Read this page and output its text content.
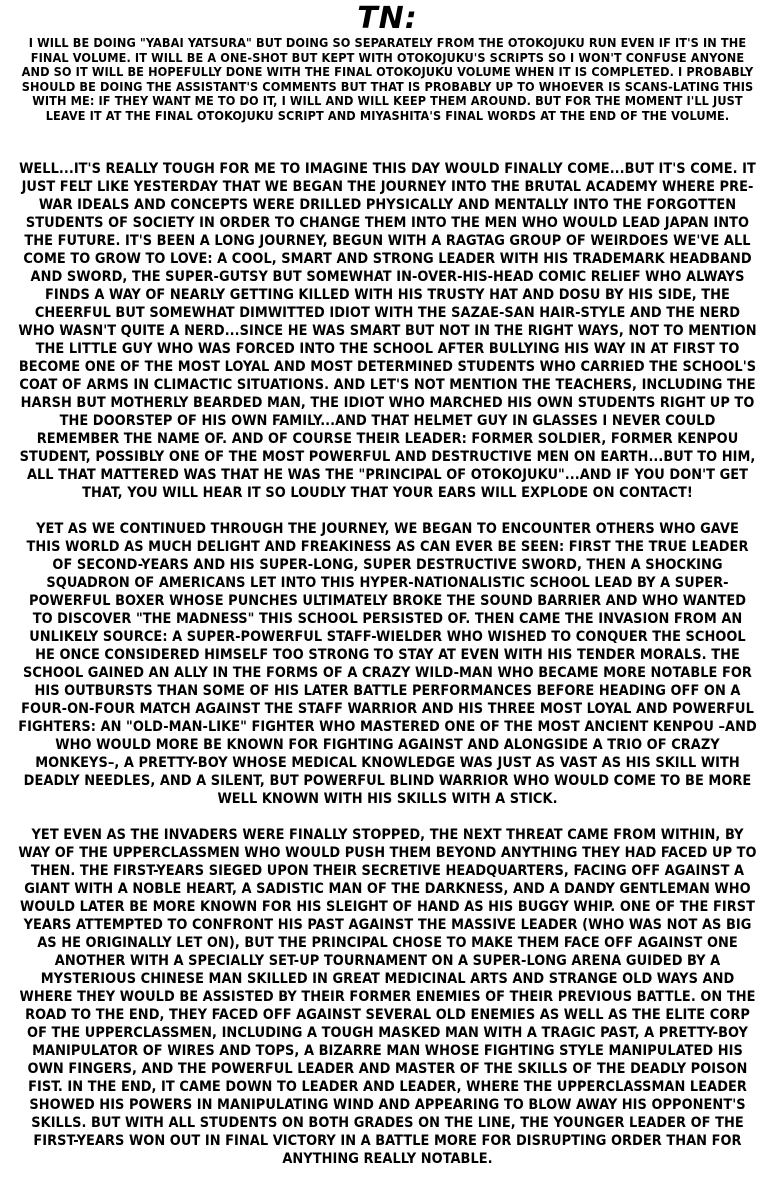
TN:

I WILL BE DOING "YABAI YATSURA" BUT DOING SO SEPARATELY FROM THE OTOKOJUKU RUN EVEN IF IT'S IN THE FINAL VOLUME. IT WILL BE A ONE-SHOT BUT KEPT WITH OTOKOJUKU'S SCRIPTS SO I WON'T CONFUSE ANYONE AND SO IT WILL BE HOPEFULLY DONE WITH THE FINAL OTOKOJUKU VOLUME WHEN IT IS COMPLETED. I PROBABLY SHOULD BE DOING THE ASSISTANT'S COMMENTS BUT THAT IS PROBABLY UP TO WHOEVER IS SCANS-LATING THIS WITH ME: IF THEY WANT ME TO DO IT, I WILL AND WILL KEEP THEM AROUND. BUT FOR THE MOMENT I'LL JUST LEAVE IT AT THE FINAL OTOKOJUKU SCRIPT AND MIYASHITA'S FINAL WORDS AT THE END OF THE VOLUME.

WELL...IT'S REALLY TOUGH FOR ME TO IMAGINE THIS DAY WOULD FINALLY COME...BUT IT'S COME. IT JUST FELT LIKE YESTERDAY THAT WE BEGAN THE JOURNEY INTO THE BRUTAL ACADEMY WHERE PRE-WAR IDEALS AND CONCEPTS WERE DRILLED PHYSICALLY AND MENTALLY INTO THE FORGOTTEN STUDENTS OF SOCIETY IN ORDER TO CHANGE THEM INTO THE MEN WHO WOULD LEAD JAPAN INTO THE FUTURE. IT'S BEEN A LONG JOURNEY, BEGUN WITH A RAGTAG GROUP OF WEIRDOES WE'VE ALL COME TO GROW TO LOVE: A COOL, SMART AND STRONG LEADER WITH HIS TRADEMARK HEADBAND AND SWORD, THE SUPER-GUTSY BUT SOMEWHAT IN-OVER-HIS-HEAD COMIC RELIEF WHO ALWAYS FINDS A WAY OF NEARLY GETTING KILLED WITH HIS TRUSTY HAT AND DOSU BY HIS SIDE, THE CHEERFUL BUT SOMEWHAT DIMWITTED IDIOT WITH THE SAZAE-SAN HAIR-STYLE AND THE NERD WHO WASN'T QUITE A NERD...SINCE HE WAS SMART BUT NOT IN THE RIGHT WAYS, NOT TO MENTION THE LITTLE GUY WHO WAS FORCED INTO THE SCHOOL AFTER BULLYING HIS WAY IN AT FIRST TO BECOME ONE OF THE MOST LOYAL AND MOST DETERMINED STUDENTS WHO CARRIED THE SCHOOL'S COAT OF ARMS IN CLIMACTIC SITUATIONS. AND LET'S NOT MENTION THE TEACHERS, INCLUDING THE HARSH BUT MOTHERLY BEARDED MAN, THE IDIOT WHO MARCHED HIS OWN STUDENTS RIGHT UP TO THE DOORSTEP OF HIS OWN FAMILY...AND THAT HELMET GUY IN GLASSES I NEVER COULD REMEMBER THE NAME OF. AND OF COURSE THEIR LEADER: FORMER SOLDIER, FORMER KENPOU STUDENT, POSSIBLY ONE OF THE MOST POWERFUL AND DESTRUCTIVE MEN ON EARTH...BUT TO HIM, ALL THAT MATTERED WAS THAT HE WAS THE "PRINCIPAL OF OTOKOJUKU"...AND IF YOU DON'T GET THAT, YOU WILL HEAR IT SO LOUDLY THAT YOUR EARS WILL EXPLODE ON CONTACT!

YET AS WE CONTINUED THROUGH THE JOURNEY, WE BEGAN TO ENCOUNTER OTHERS WHO GAVE THIS WORLD AS MUCH DELIGHT AND FREAKINESS AS CAN EVER BE SEEN: FIRST THE TRUE LEADER OF SECOND-YEARS AND HIS SUPER-LONG, SUPER DESTRUCTIVE SWORD, THEN A SHOCKING SQUADRON OF AMERICANS LET INTO THIS HYPER-NATIONALISTIC SCHOOL LEAD BY A SUPER-POWERFUL BOXER WHOSE PUNCHES ULTIMATELY BROKE THE SOUND BARRIER AND WHO WANTED TO DISCOVER "THE MADNESS" THIS SCHOOL PERSISTED OF. THEN CAME THE INVASION FROM AN UNLIKELY SOURCE: A SUPER-POWERFUL STAFF-WIELDER WHO WISHED TO CONQUER THE SCHOOL HE ONCE CONSIDERED HIMSELF TOO STRONG TO STAY AT EVEN WITH HIS TENDER MORALS. THE SCHOOL GAINED AN ALLY IN THE FORMS OF A CRAZY WILD-MAN WHO BECAME MORE NOTABLE FOR HIS OUTBURSTS THAN SOME OF HIS LATER BATTLE PERFORMANCES BEFORE HEADING OFF ON A FOUR-ON-FOUR MATCH AGAINST THE STAFF WARRIOR AND HIS THREE MOST LOYAL AND POWERFUL FIGHTERS: AN "OLD-MAN-LIKE" FIGHTER WHO MASTERED ONE OF THE MOST ANCIENT KENPOU –AND WHO WOULD MORE BE KNOWN FOR FIGHTING AGAINST AND ALONGSIDE A TRIO OF CRAZY MONKEYS–, A PRETTY-BOY WHOSE MEDICAL KNOWLEDGE WAS JUST AS VAST AS HIS SKILL WITH DEADLY NEEDLES, AND A SILENT, BUT POWERFUL BLIND WARRIOR WHO WOULD COME TO BE MORE WELL KNOWN WITH HIS SKILLS WITH A STICK.

YET EVEN AS THE INVADERS WERE FINALLY STOPPED, THE NEXT THREAT CAME FROM WITHIN, BY WAY OF THE UPPERCLASSMEN WHO WOULD PUSH THEM BEYOND ANYTHING THEY HAD FACED UP TO THEN. THE FIRST-YEARS SIEGED UPON THEIR SECRETIVE HEADQUARTERS, FACING OFF AGAINST A GIANT WITH A NOBLE HEART, A SADISTIC MAN OF THE DARKNESS, AND A DANDY GENTLEMAN WHO WOULD LATER BE MORE KNOWN FOR HIS SLEIGHT OF HAND AS HIS BUGGY WHIP. ONE OF THE FIRST YEARS ATTEMPTED TO CONFRONT HIS PAST AGAINST THE MASSIVE LEADER (WHO WAS NOT AS BIG AS HE ORIGINALLY LET ON), BUT THE PRINCIPAL CHOSE TO MAKE THEM FACE OFF AGAINST ONE ANOTHER WITH A SPECIALLY SET-UP TOURNAMENT ON A SUPER-LONG ARENA GUIDED BY A MYSTERIOUS CHINESE MAN SKILLED IN GREAT MEDICINAL ARTS AND STRANGE OLD WAYS AND WHERE THEY WOULD BE ASSISTED BY THEIR FORMER ENEMIES OF THEIR PREVIOUS BATTLE. ON THE ROAD TO THE END, THEY FACED OFF AGAINST SEVERAL OLD ENEMIES AS WELL AS THE ELITE CORP OF THE UPPERCLASSMEN, INCLUDING A TOUGH MASKED MAN WITH A TRAGIC PAST, A PRETTY-BOY MANIPULATOR OF WIRES AND TOPS, A BIZARRE MAN WHOSE FIGHTING STYLE MANIPULATED HIS OWN FINGERS, AND THE POWERFUL LEADER AND MASTER OF THE SKILLS OF THE DEADLY POISON FIST. IN THE END, IT CAME DOWN TO LEADER AND LEADER, WHERE THE UPPERCLASSMAN LEADER SHOWED HIS POWERS IN MANIPULATING WIND AND APPEARING TO BLOW AWAY HIS OPPONENT'S SKILLS. BUT WITH ALL STUDENTS ON BOTH GRADES ON THE LINE, THE YOUNGER LEADER OF THE FIRST-YEARS WON OUT IN FINAL VICTORY IN A BATTLE MORE FOR DISRUPTING ORDER THAN FOR ANYTHING REALLY NOTABLE.
